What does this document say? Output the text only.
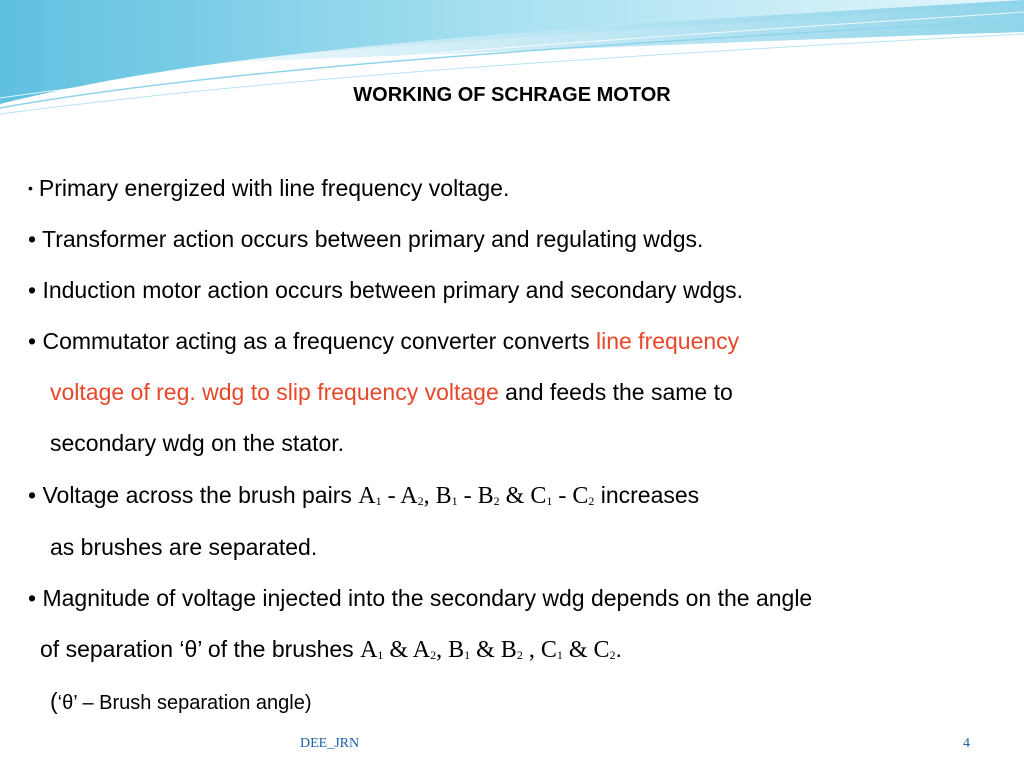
WORKING OF SCHRAGE MOTOR
• Primary energized with line frequency voltage.
• Transformer action occurs between primary and regulating wdgs.
• Induction motor action occurs between primary and secondary wdgs.
• Commutator acting as a frequency converter converts line frequency
voltage of reg. wdg to slip frequency voltage and feeds the same to
secondary wdg on the stator.
• Voltage across the brush pairs $A_1 - A_2$, $B_1 - B_2$ & $C_1 - C_2$ increases
as brushes are separated.
• Magnitude of voltage injected into the secondary wdg depends on the angle
of separation ‘θ’ of the brushes $A_1$ & $A_2$, $B_1$ & $B_2$ , $C_1$ & $C_2$.
(‘θ’ – Brush separation angle)
DEE_JRN	4
